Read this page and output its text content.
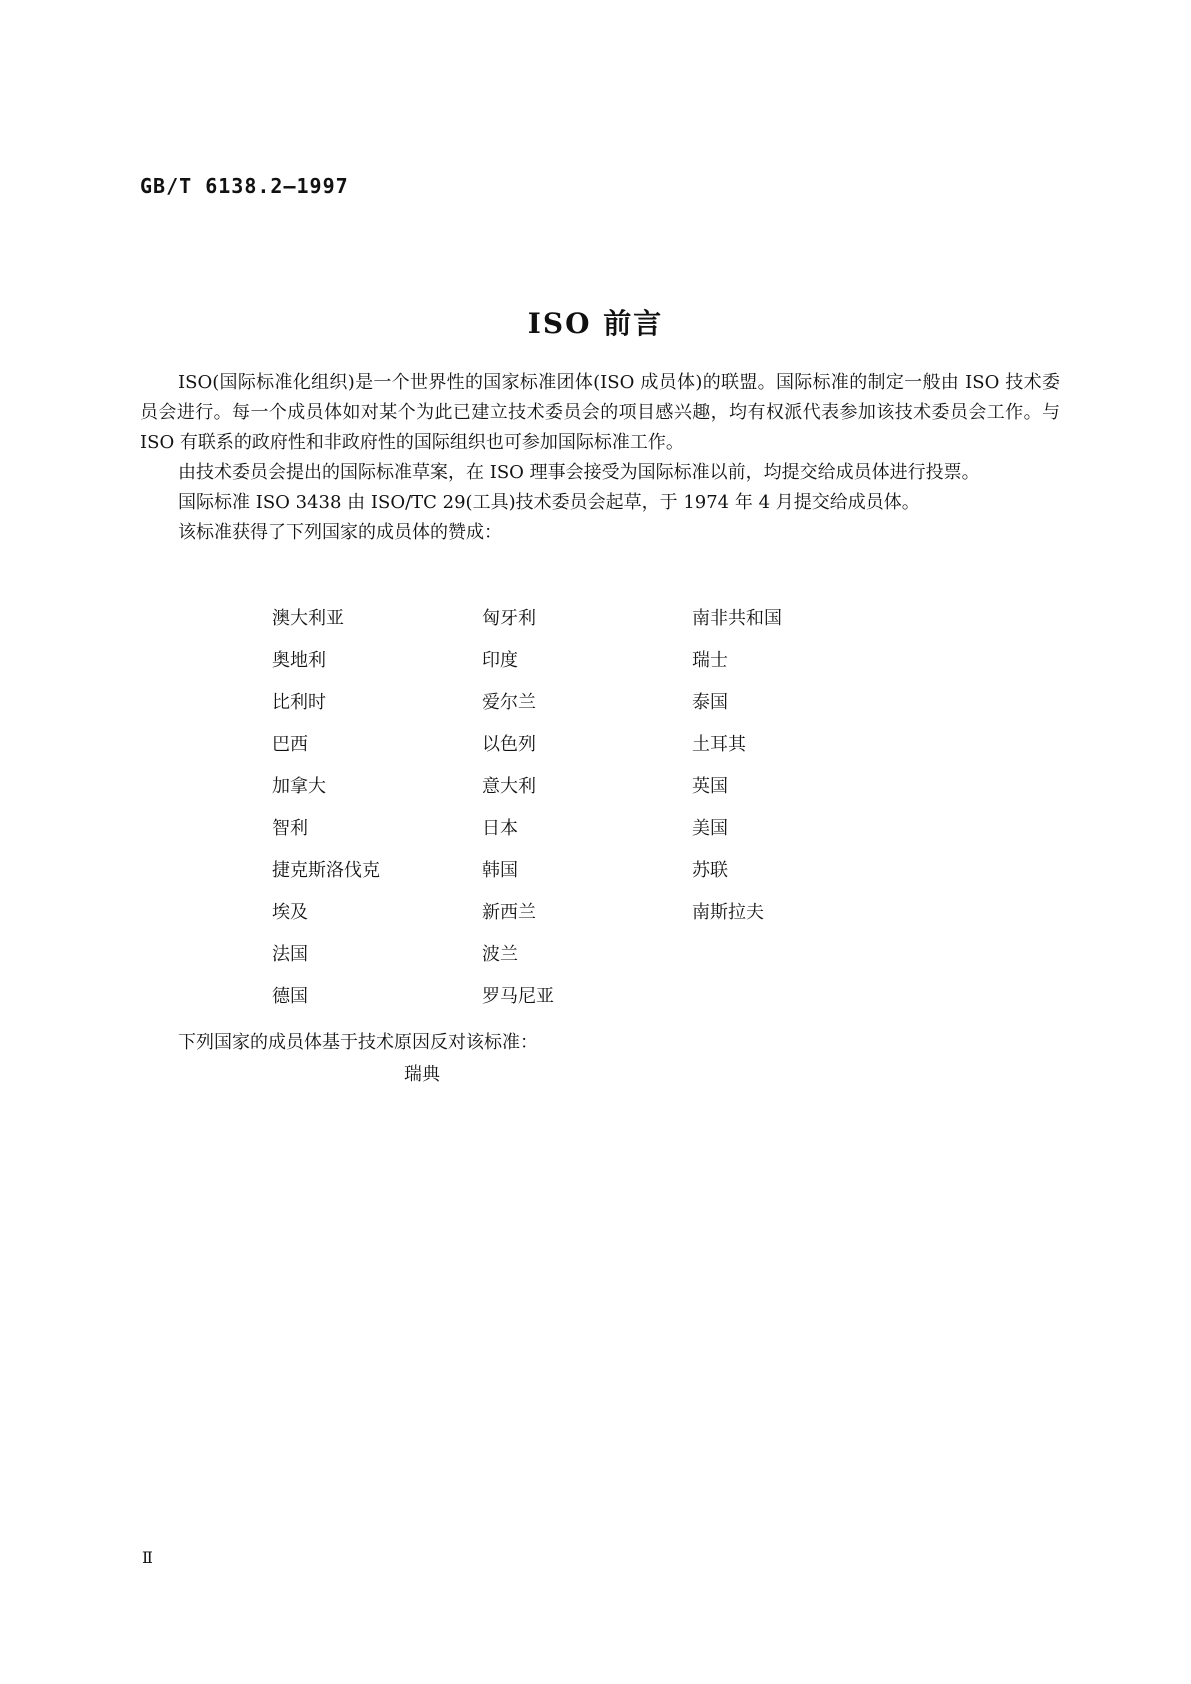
GB/T 6138.2—1997
ISO 前言

ISO(国际标准化组织)是一个世界性的国家标准团体(ISO 成员体)的联盟。国际标准的制定一般由 ISO 技术委员会进行。每一个成员体如对某个为此已建立技术委员会的项目感兴趣，均有权派代表参加该技术委员会工作。与 ISO 有联系的政府性和非政府性的国际组织也可参加国际标准工作。

由技术委员会提出的国际标准草案，在 ISO 理事会接受为国际标准以前，均提交给成员体进行投票。

国际标准 ISO 3438 由 ISO/TC 29(工具)技术委员会起草，于 1974 年 4 月提交给成员体。

该标准获得了下列国家的成员体的赞成：

澳大利亚
奥地利
比利时
巴西
加拿大
智利
捷克斯洛伐克
埃及
法国
德国
匈牙利
印度
爱尔兰
以色列
意大利
日本
韩国
新西兰
波兰
罗马尼亚
南非共和国
瑞士
泰国
土耳其
英国
美国
苏联
南斯拉夫

下列国家的成员体基于技术原因反对该标准：

瑞典

Ⅱ
